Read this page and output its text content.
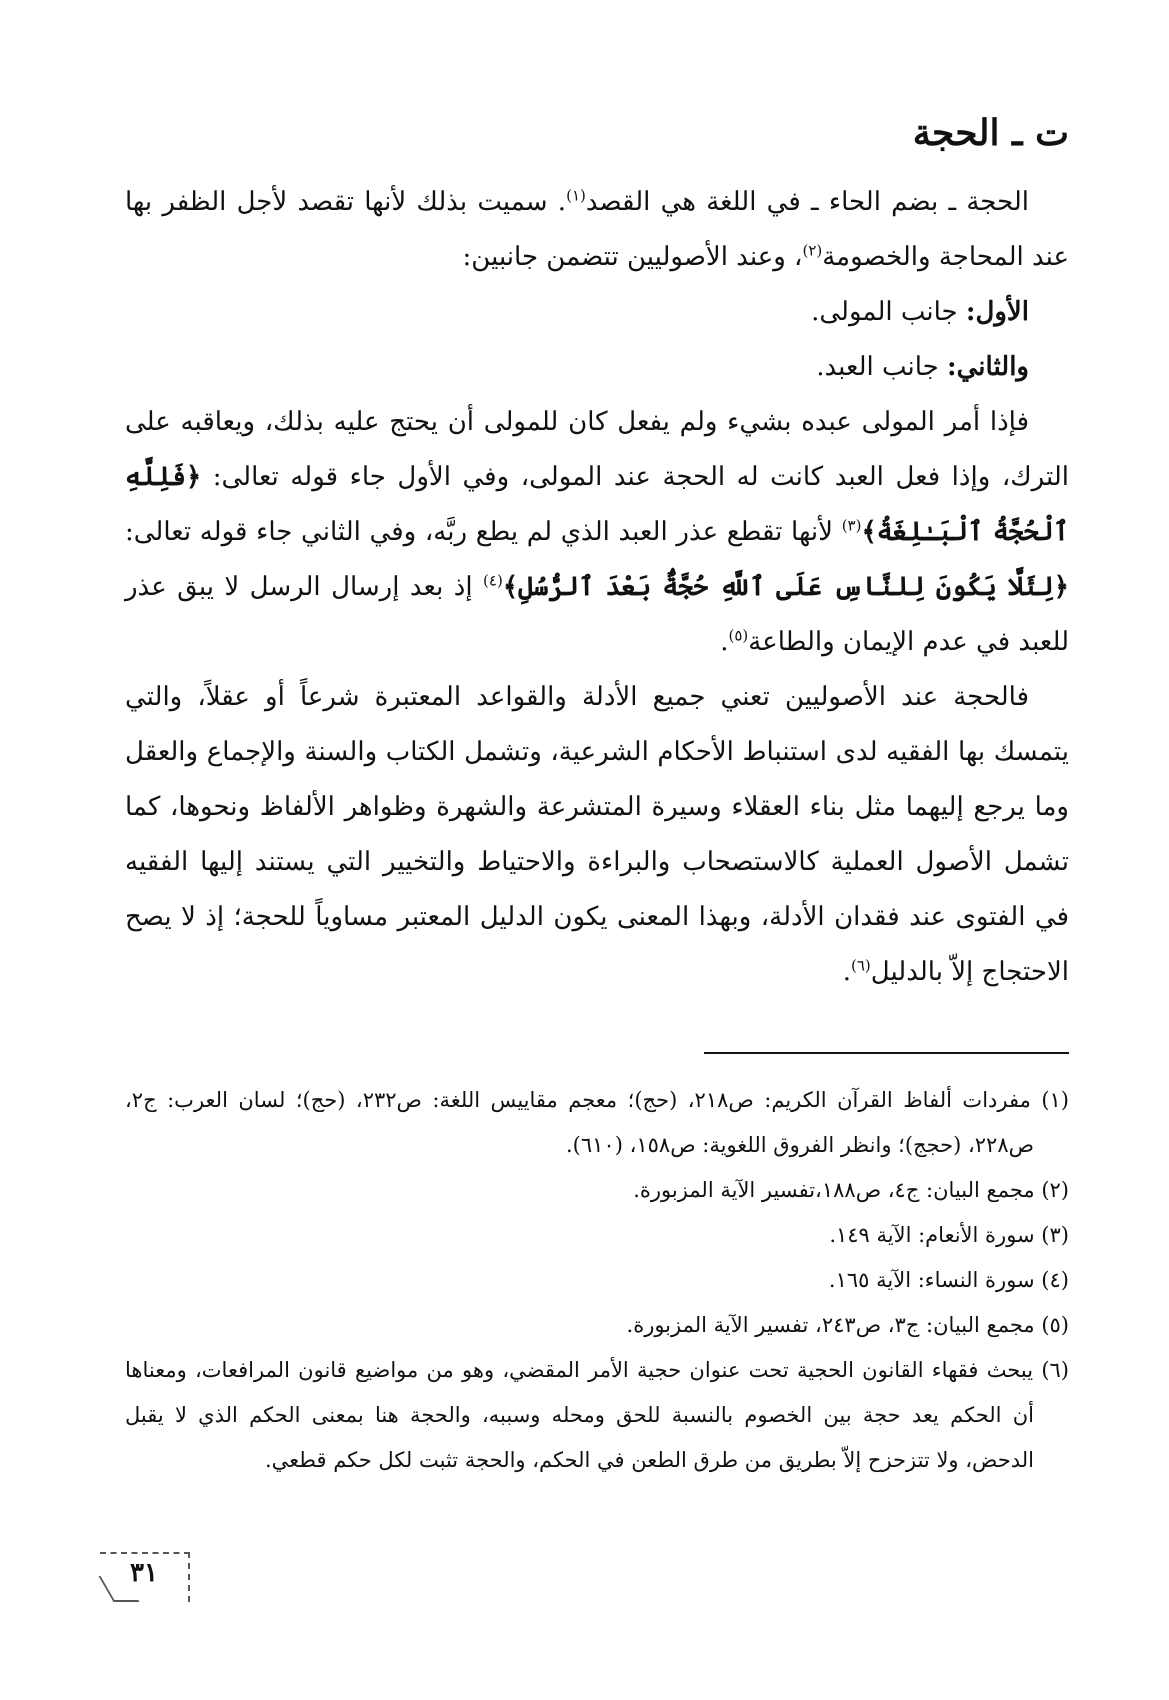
ت ـ الحجة

الحجة ـ بضم الحاء ـ في اللغة هي القصد$^{(١)}$. سميت بذلك لأنها تقصد لأجل الظفر بها عند المحاجة والخصومة$^{(٢)}$، وعند الأصوليين تتضمن جانبين:

الأول: جانب المولى.

والثاني: جانب العبد.

فإذا أمر المولى عبده بشيء ولم يفعل كان للمولى أن يحتج عليه بذلك، ويعاقبه على الترك، وإذا فعل العبد كانت له الحجة عند المولى، وفي الأول جاء قوله تعالى: ﴿فَلِلَّهِ ٱلْحُجَّةُ ٱلْبَـٰلِغَةُ﴾$^{(٣)}$ لأنها تقطع عذر العبد الذي لم يطع ربَّه، وفي الثاني جاء قوله تعالى: ﴿لِئَلَّا يَكُونَ لِلنَّاسِ عَلَى ٱللَّهِ حُجَّةٌۢ بَعْدَ ٱلرُّسُلِ﴾$^{(٤)}$ إذ بعد إرسال الرسل لا يبق عذر للعبد في عدم الإيمان والطاعة$^{(٥)}$.

فالحجة عند الأصوليين تعني جميع الأدلة والقواعد المعتبرة شرعاً أو عقلاً، والتي يتمسك بها الفقيه لدى استنباط الأحكام الشرعية، وتشمل الكتاب والسنة والإجماع والعقل وما يرجع إليهما مثل بناء العقلاء وسيرة المتشرعة والشهرة وظواهر الألفاظ ونحوها، كما تشمل الأصول العملية كالاستصحاب والبراءة والاحتياط والتخيير التي يستند إليها الفقيه في الفتوى عند فقدان الأدلة، وبهذا المعنى يكون الدليل المعتبر مساوياً للحجة؛ إذ لا يصح الاحتجاج إلاّ بالدليل$^{(٦)}$.

(١) مفردات ألفاظ القرآن الكريم: ص٢١٨، (حج)؛ معجم مقاييس اللغة: ص٢٣٢، (حج)؛ لسان العرب: ج٢، ص٢٢٨، (حجج)؛ وانظر الفروق اللغوية: ص١٥٨، (٦١٠).
(٢) مجمع البيان: ج٤، ص١٨٨،تفسير الآية المزبورة.
(٣) سورة الأنعام: الآية ١٤٩.
(٤) سورة النساء: الآية ١٦٥.
(٥) مجمع البيان: ج٣، ص٢٤٣، تفسير الآية المزبورة.
(٦) يبحث فقهاء القانون الحجية تحت عنوان حجية الأمر المقضي، وهو من مواضيع قانون المرافعات، ومعناها أن الحكم يعد حجة بين الخصوم بالنسبة للحق ومحله وسببه، والحجة هنا بمعنى الحكم الذي لا يقبل الدحض، ولا تتزحزح إلاّ بطريق من طرق الطعن في الحكم، والحجة تثبت لكل حكم قطعي.
٣١
